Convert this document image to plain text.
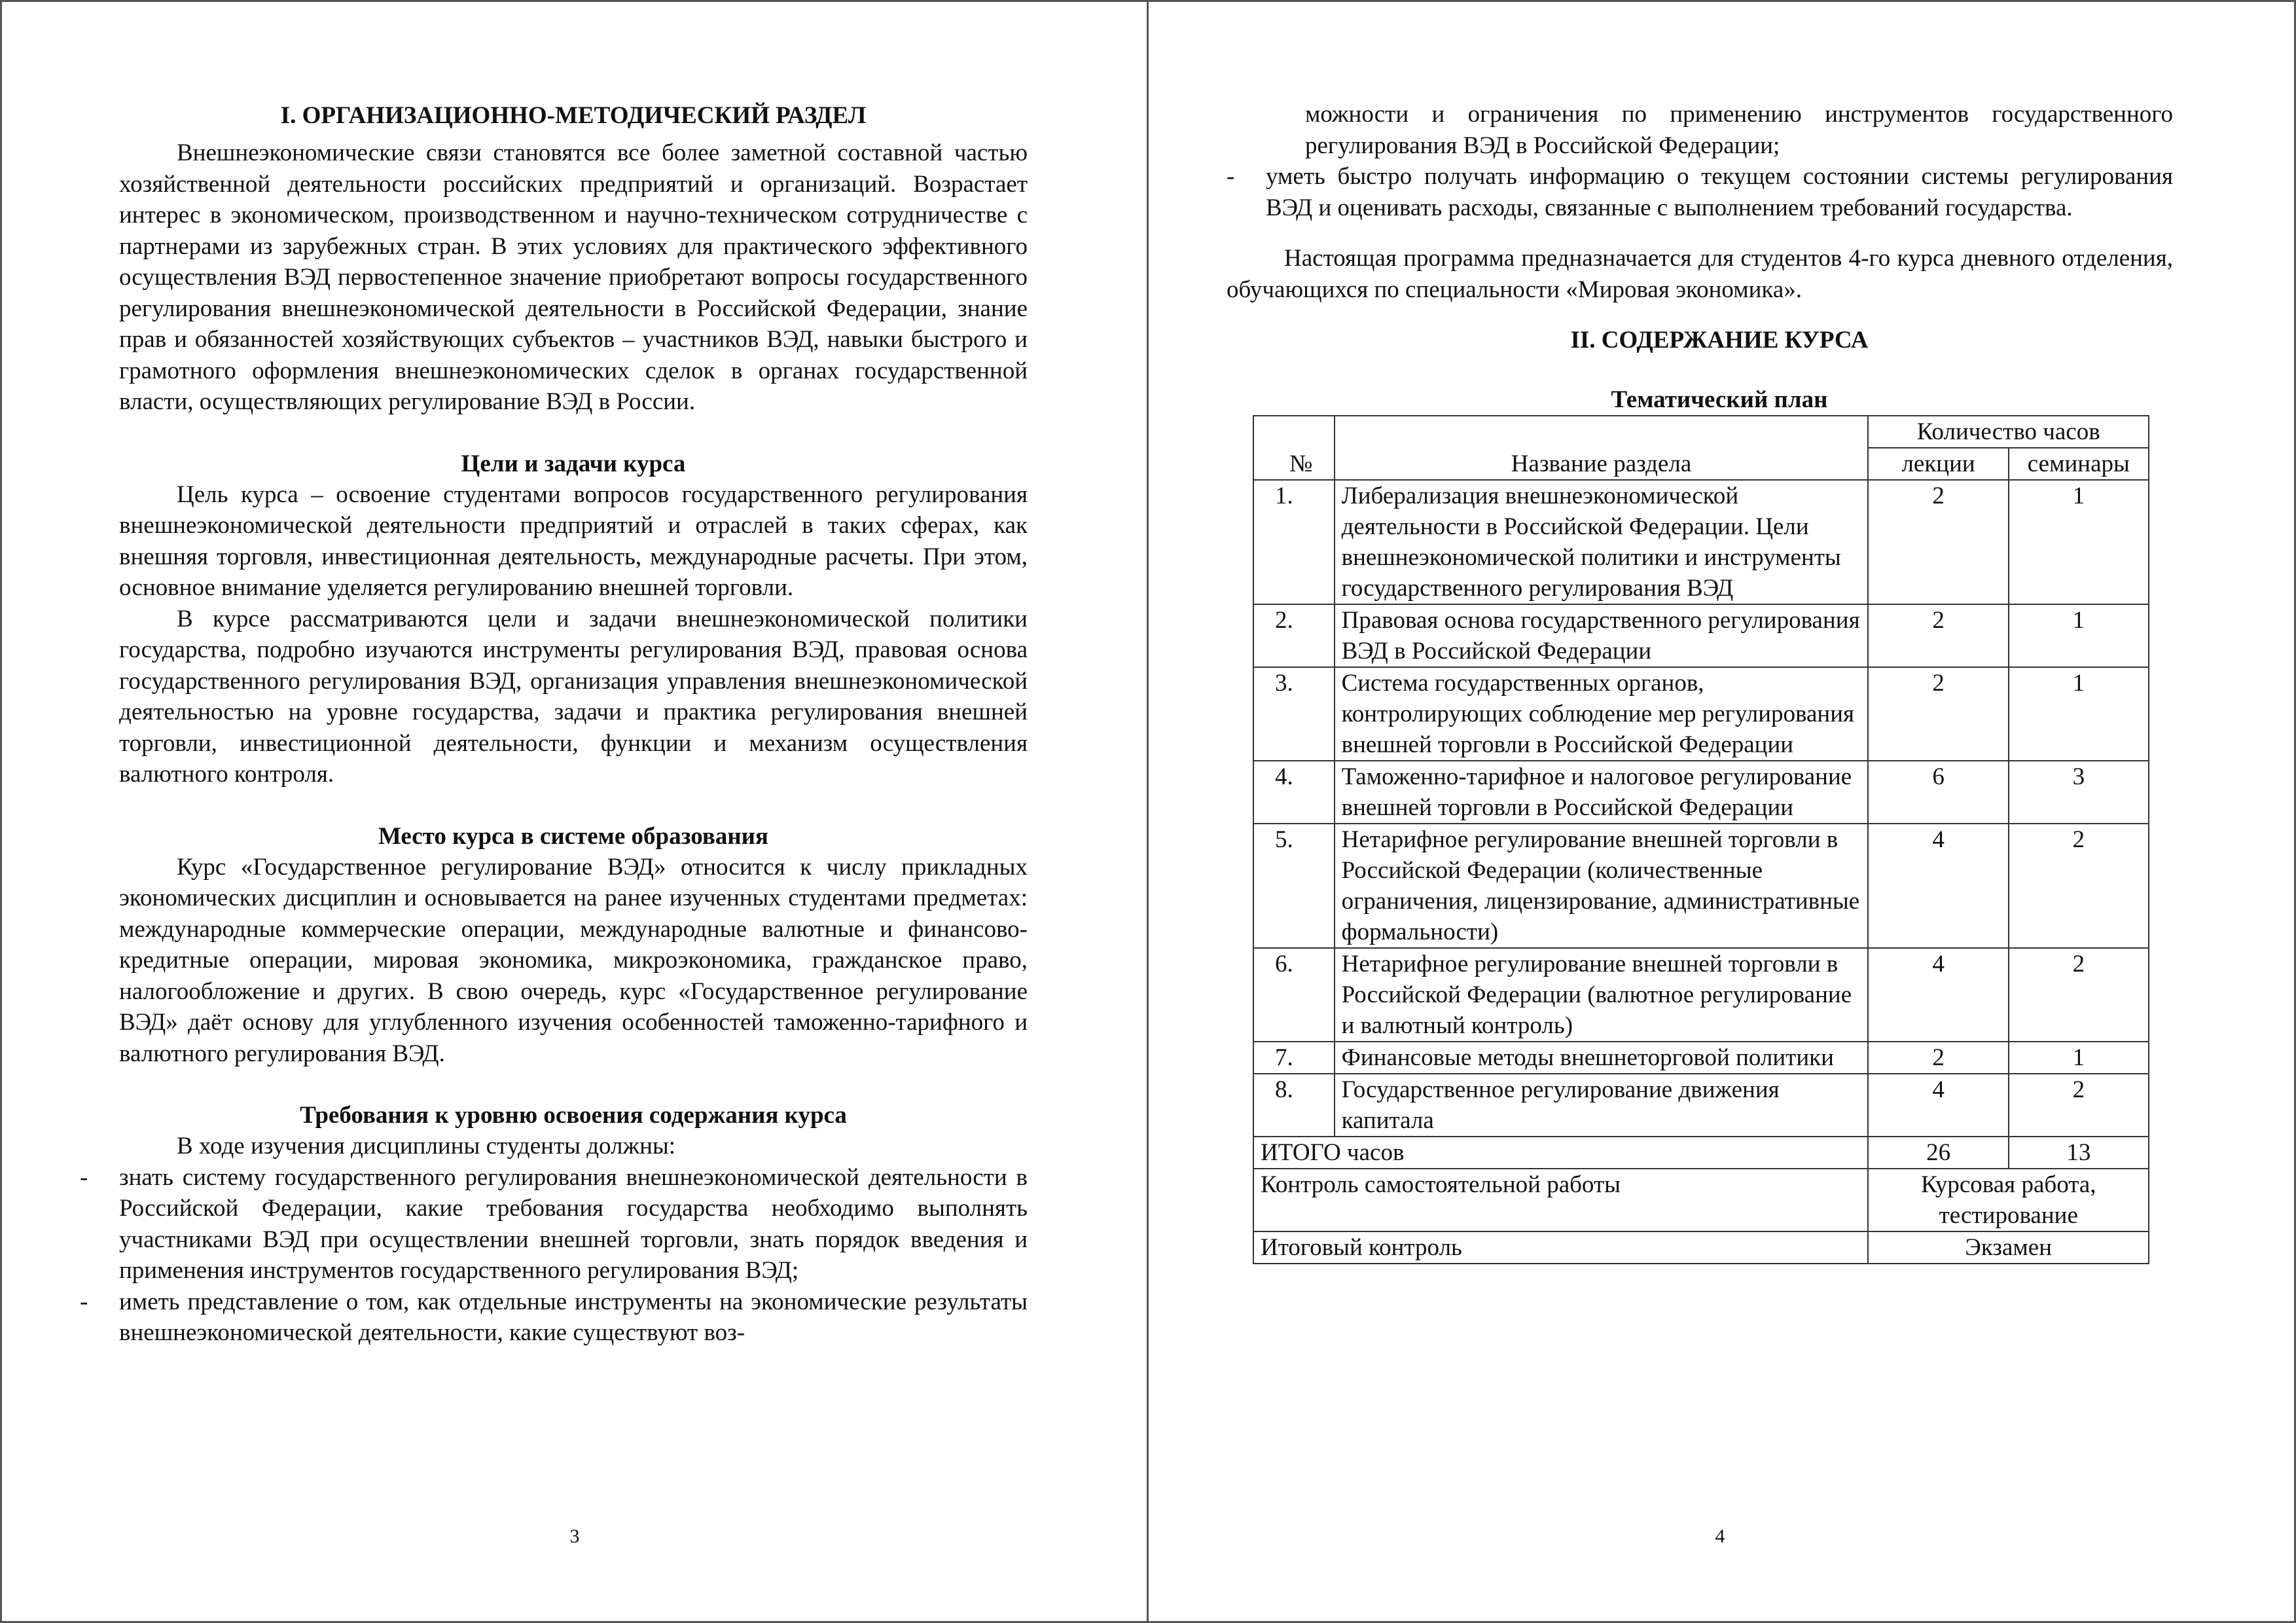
I. ОРГАНИЗАЦИОННО-МЕТОДИЧЕСКИЙ РАЗДЕЛ

Внешнеэкономические связи становятся все более заметной составной частью хозяйственной деятельности российских предприятий и организаций. Возрастает интерес в экономическом, производственном и научно-техническом сотрудничестве с партнерами из зарубежных стран. В этих условиях для практического эффективного осуществления ВЭД первостепенное значение приобретают вопросы государственного регулирования внешнеэкономической деятельности в Российской Федерации, знание прав и обязанностей хозяйствующих субъектов – участников ВЭД, навыки быстрого и грамотного оформления внешнеэкономических сделок в органах государственной власти, осуществляющих регулирование ВЭД в России.

Цели и задачи курса

Цель курса – освоение студентами вопросов государственного регулирования внешнеэкономической деятельности предприятий и отраслей в таких сферах, как внешняя торговля, инвестиционная деятельность, международные расчеты. При этом, основное внимание уделяется регулированию внешней торговли.

В курсе рассматриваются цели и задачи внешнеэкономической политики государства, подробно изучаются инструменты регулирования ВЭД, правовая основа государственного регулирования ВЭД, организация управления внешнеэкономической деятельностью на уровне государства, задачи и практика регулирования внешней торговли, инвестиционной деятельности, функции и механизм осуществления валютного контроля.

Место курса в системе образования

Курс «Государственное регулирование ВЭД» относится к числу прикладных экономических дисциплин и основывается на ранее изученных студентами предметах: международные коммерческие операции, международные валютные и финансово-кредитные операции, мировая экономика, микроэкономика, гражданское право, налогообложение и других. В свою очередь, курс «Государственное регулирование ВЭД» даёт основу для углубленного изучения особенностей таможенно-тарифного и валютного регулирования ВЭД.

Требования к уровню освоения содержания курса

В ходе изучения дисциплины студенты должны:

- знать систему государственного регулирования внешнеэкономической деятельности в Российской Федерации, какие требования государства необходимо выполнять участниками ВЭД при осуществлении внешней торговли, знать порядок введения и применения инструментов государственного регулирования ВЭД;
- иметь представление о том, как отдельные инструменты на экономические результаты внешнеэкономической деятельности, какие существуют воз-
3

можности и ограничения по применению инструментов государственного регулирования ВЭД в Российской Федерации;

- уметь быстро получать информацию о текущем состоянии системы регулирования ВЭД и оценивать расходы, связанные с выполнением требований государства.

Настоящая программа предназначается для студентов 4-го курса дневного отделения, обучающихся по специальности «Мировая экономика».

II. СОДЕРЖАНИЕ КУРСА
Тематический план
№	Название раздела	Количество часов	
		лекции	семинары
1.	Либерализация внешнеэкономической деятельности в Российской Федерации. Цели внешнеэкономической политики и инструменты государственного регулирования ВЭД	2	1
2.	Правовая основа государственного регулирования ВЭД в Российской Федерации	2	1
3.	Система государственных органов, контролирующих соблюдение мер регулирования внешней торговли в Российской Федерации	2	1
4.	Таможенно-тарифное и налоговое регулирование внешней торговли в Российской Федерации	6	3
5.	Нетарифное регулирование внешней торговли в Российской Федерации (количественные ограничения, лицензирование, административные формальности)	4	2
6.	Нетарифное регулирование внешней торговли в Российской Федерации (валютное регулирование и валютный контроль)	4	2
7.	Финансовые методы внешнеторговой политики	2	1
8.	Государственное регулирование движения капитала	4	2
ИТОГО часов		26	13
Контроль самостоятельной работы		Курсовая работа, тестирование	
Итоговый контроль		Экзамен	
4
